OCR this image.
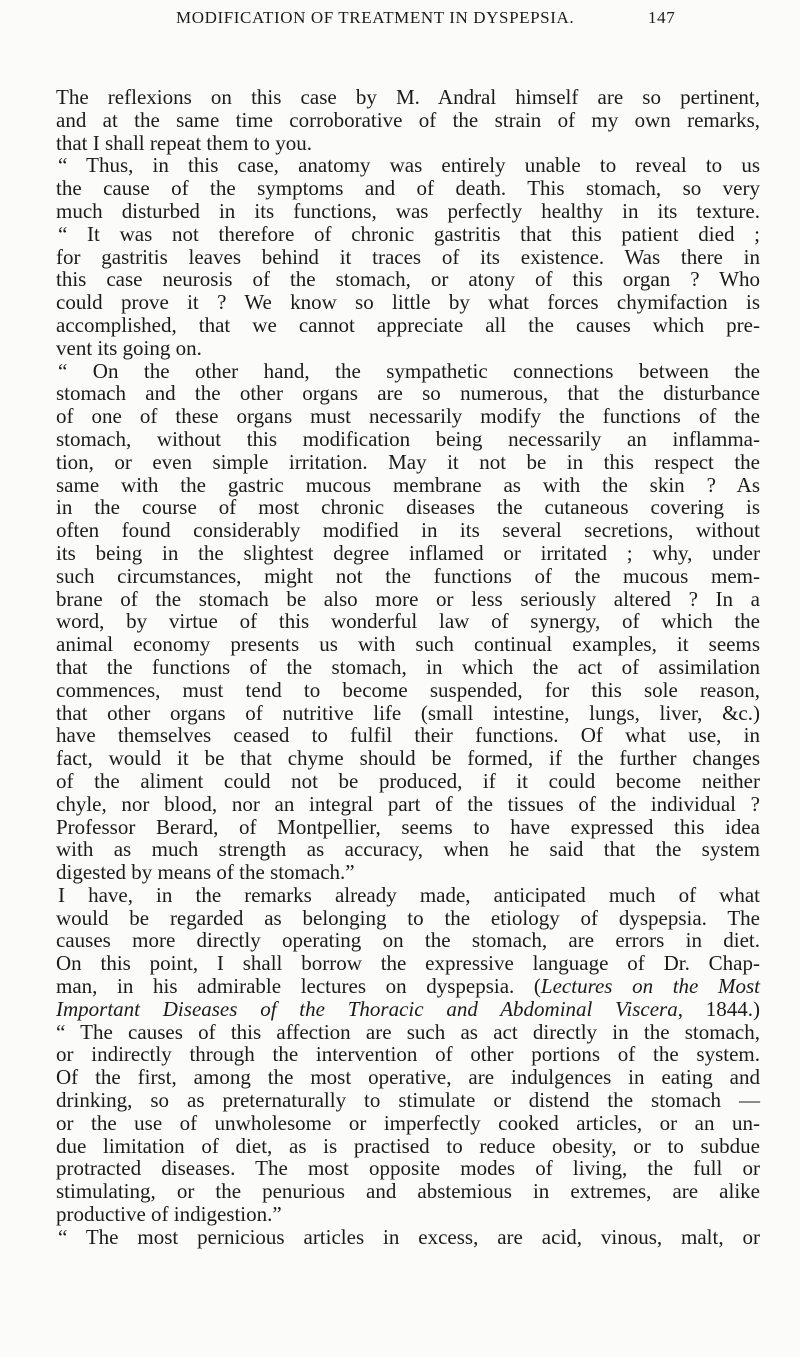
MODIFICATION OF TREATMENT IN DYSPEPSIA.	147
The reflexions on this case by M. Andral himself are so pertinent,
and at the same time corroborative of the strain of my own remarks,
that I shall repeat them to you.
“ Thus, in this case, anatomy was entirely unable to reveal to us
the cause of the symptoms and of death. This stomach, so very
much disturbed in its functions, was perfectly healthy in its texture.
“ It was not therefore of chronic gastritis that this patient died ;
for gastritis leaves behind it traces of its existence. Was there in
this case neurosis of the stomach, or atony of this organ ? Who
could prove it ? We know so little by what forces chymifaction is
accomplished, that we cannot appreciate all the causes which pre-
vent its going on.
“ On the other hand, the sympathetic connections between the
stomach and the other organs are so numerous, that the disturbance
of one of these organs must necessarily modify the functions of the
stomach, without this modification being necessarily an inflamma-
tion, or even simple irritation. May it not be in this respect the
same with the gastric mucous membrane as with the skin ? As
in the course of most chronic diseases the cutaneous covering is
often found considerably modified in its several secretions, without
its being in the slightest degree inflamed or irritated ; why, under
such circumstances, might not the functions of the mucous mem-
brane of the stomach be also more or less seriously altered ? In a
word, by virtue of this wonderful law of synergy, of which the
animal economy presents us with such continual examples, it seems
that the functions of the stomach, in which the act of assimilation
commences, must tend to become suspended, for this sole reason,
that other organs of nutritive life (small intestine, lungs, liver, &c.)
have themselves ceased to fulfil their functions. Of what use, in
fact, would it be that chyme should be formed, if the further changes
of the aliment could not be produced, if it could become neither
chyle, nor blood, nor an integral part of the tissues of the individual ?
Professor Berard, of Montpellier, seems to have expressed this idea
with as much strength as accuracy, when he said that the system
digested by means of the stomach.”
I have, in the remarks already made, anticipated much of what
would be regarded as belonging to the etiology of dyspepsia. The
causes more directly operating on the stomach, are errors in diet.
On this point, I shall borrow the expressive language of Dr. Chap-
man, in his admirable lectures on dyspepsia. (Lectures on the Most
Important Diseases of the Thoracic and Abdominal Viscera, 1844.)
“ The causes of this affection are such as act directly in the stomach,
or indirectly through the intervention of other portions of the system.
Of the first, among the most operative, are indulgences in eating and
drinking, so as preternaturally to stimulate or distend the stomach —
or the use of unwholesome or imperfectly cooked articles, or an un-
due limitation of diet, as is practised to reduce obesity, or to subdue
protracted diseases. The most opposite modes of living, the full or
stimulating, or the penurious and abstemious in extremes, are alike
productive of indigestion.”
“ The most pernicious articles in excess, are acid, vinous, malt, or
